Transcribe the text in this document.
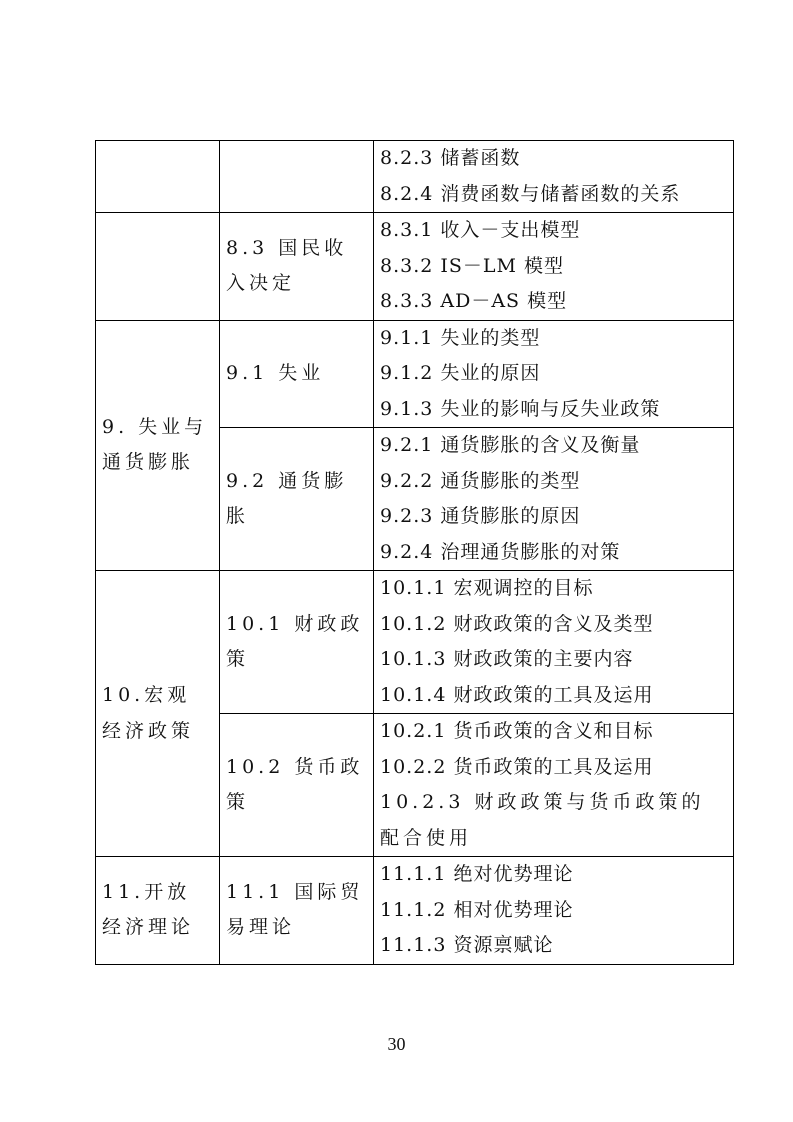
		8.2.3 储蓄函数
8.2.4 消费函数与储蓄函数的关系

	8.3 国民收入决定	8.3.1 收入－支出模型
8.3.2 IS－LM 模型
8.3.3 AD－AS 模型

9. 失业与通货膨胀	9.1 失业	9.1.1 失业的类型
9.1.2 失业的原因
9.1.3 失业的影响与反失业政策

	9.2 通货膨胀	9.2.1 通货膨胀的含义及衡量
9.2.2 通货膨胀的类型
9.2.3 通货膨胀的原因
9.2.4 治理通货膨胀的对策

10.宏观经济政策	10.1 财政政策	10.1.1 宏观调控的目标
10.1.2 财政政策的含义及类型
10.1.3 财政政策的主要内容
10.1.4 财政政策的工具及运用

	10.2 货币政策	10.2.1 货币政策的含义和目标
10.2.2 货币政策的工具及运用
10.2.3 财政政策与货币政策的配合使用

11.开放经济理论	11.1 国际贸易理论	11.1.1 绝对优势理论
11.1.2 相对优势理论
11.1.3 资源禀赋论
30
